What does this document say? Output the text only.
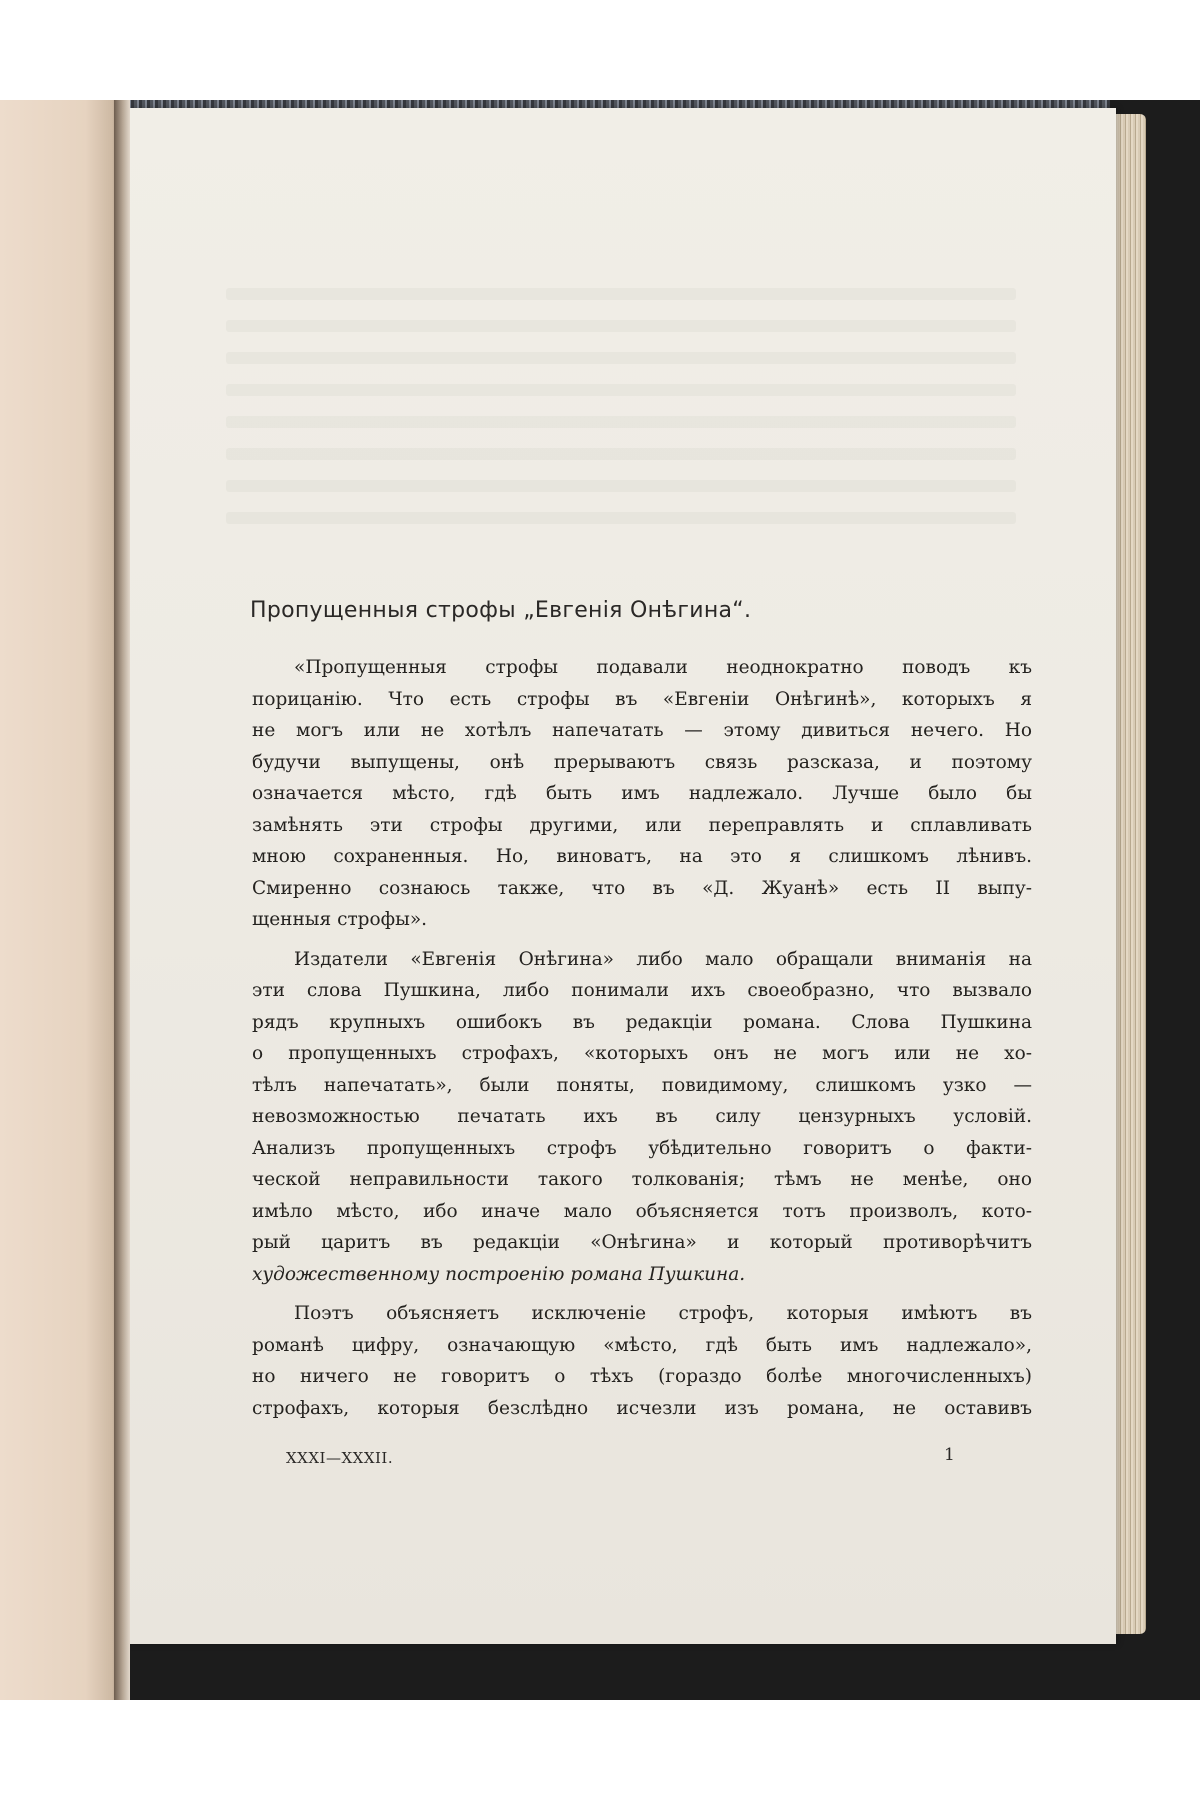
Пропущенныя строфы „Евгенія Онѣгина“.
«Пропущенныя строфы подавали неоднократно поводъ къ
порицанію. Что есть строфы въ «Евгеніи Онѣгинѣ», которыхъ я
не могъ или не хотѣлъ напечатать — этому дивиться нечего. Но
будучи выпущены, онѣ прерываютъ связь разсказа, и поэтому
означается мѣсто, гдѣ быть имъ надлежало. Лучше было бы
замѣнять эти строфы другими, или переправлять и сплавливать
мною сохраненныя. Но, виноватъ, на это я слишкомъ лѣнивъ.
Смиренно сознаюсь также, что въ «Д. Жуанѣ» есть II выпу-
щенныя строфы».
Издатели «Евгенія Онѣгина» либо мало обращали вниманія на
эти слова Пушкина, либо понимали ихъ своеобразно, что вызвало
рядъ крупныхъ ошибокъ въ редакціи романа. Слова Пушкина
о пропущенныхъ строфахъ, «которыхъ онъ не могъ или не хо-
тѣлъ напечатать», были поняты, повидимому, слишкомъ узко —
невозможностью печатать ихъ въ силу цензурныхъ условій.
Анализъ пропущенныхъ строфъ убѣдительно говоритъ о факти-
ческой неправильности такого толкованія; тѣмъ не менѣе, оно
имѣло мѣсто, ибо иначе мало объясняется тотъ произволъ, кото-
рый царитъ въ редакціи «Онѣгина» и который противорѣчитъ
художественному построенію романа Пушкина.
Поэтъ объясняетъ исключеніе строфъ, которыя имѣютъ въ
романѣ цифру, означающую «мѣсто, гдѣ быть имъ надлежало»,
но ничего не говоритъ о тѣхъ (гораздо болѣе многочисленныхъ)
строфахъ, которыя безслѣдно исчезли изъ романа, не оставивъ
XXXI—XXXII.	1
